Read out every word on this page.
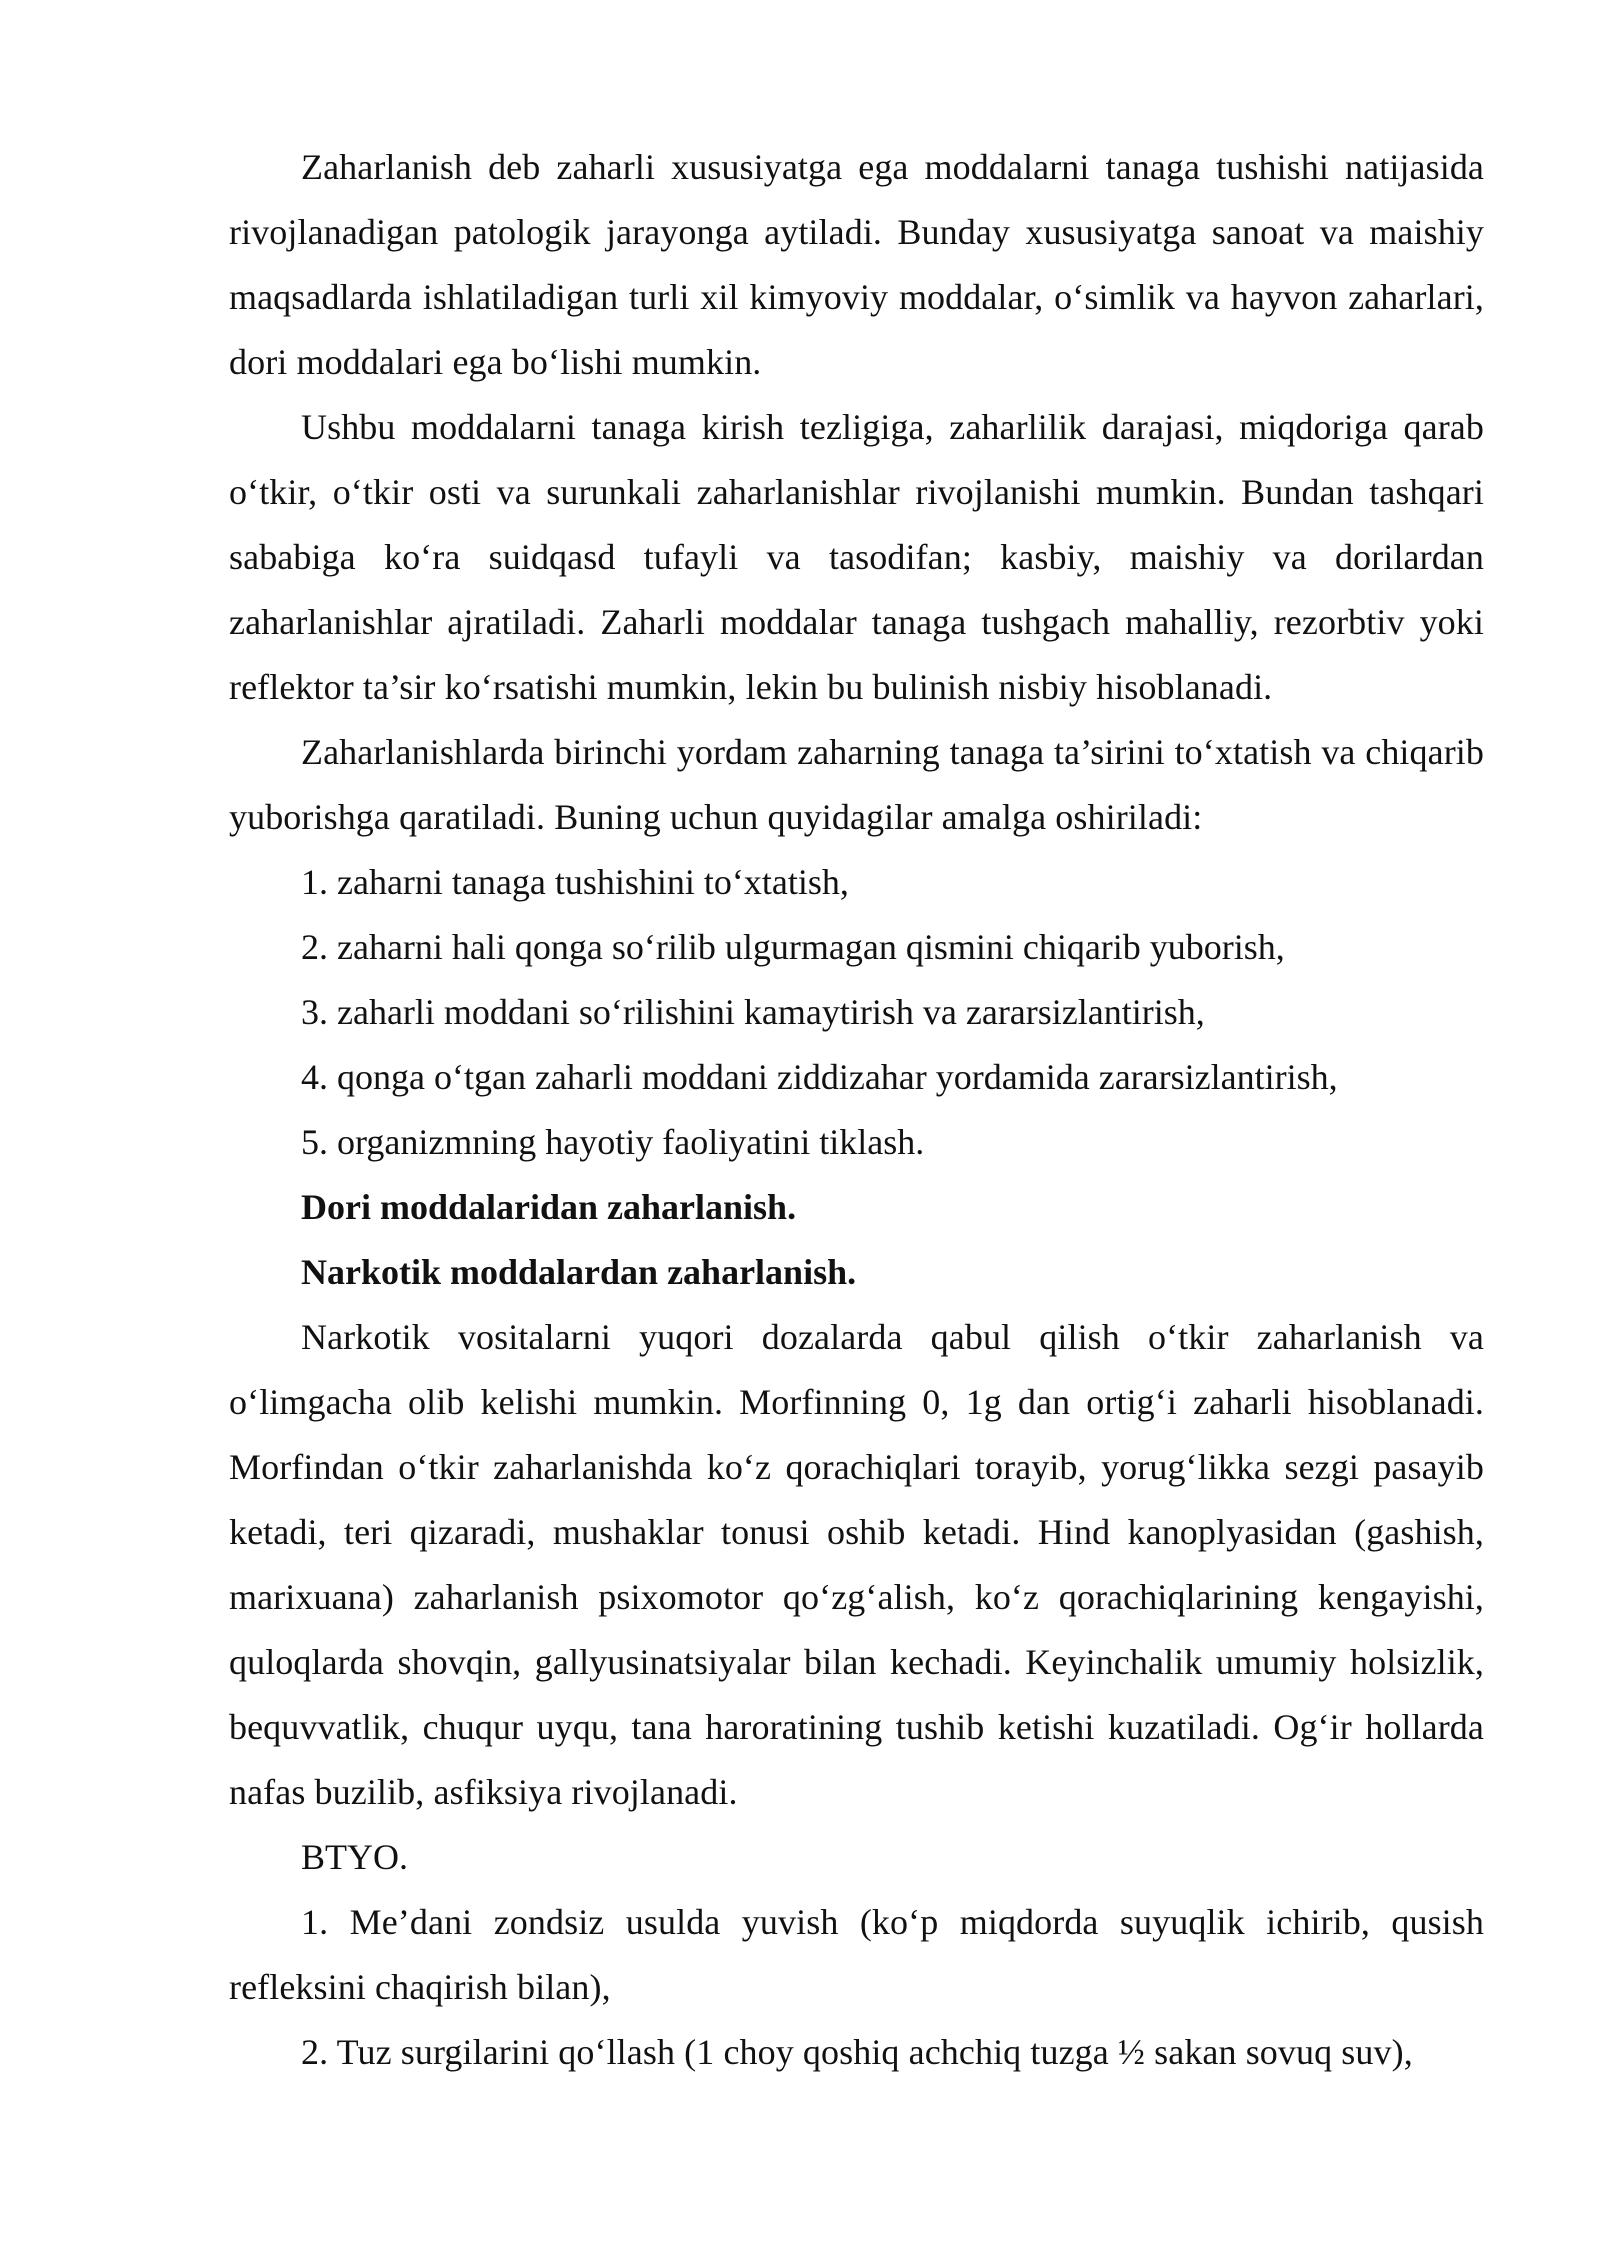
Zaharlanish deb zaharli xususiyatga ega moddalarni tanaga tushishi natijasida rivojlanadigan patologik jarayonga aytiladi. Bunday xususiyatga sanoat va maishiy maqsadlarda ishlatiladigan turli xil kimyoviy moddalar, o‘simlik va hayvon zaharlari, dori moddalari ega bo‘lishi mumkin.

Ushbu moddalarni tanaga kirish tezligiga, zaharlilik darajasi, miqdoriga qarab o‘tkir, o‘tkir osti va surunkali zaharlanishlar rivojlanishi mumkin. Bundan tashqari sababiga ko‘ra suidqasd tufayli va tasodifan; kasbiy, maishiy va dorilardan zaharlanishlar ajratiladi. Zaharli moddalar tanaga tushgach mahalliy, rezorbtiv yoki reflektor ta’sir ko‘rsatishi mumkin, lekin bu bulinish nisbiy hisoblanadi.

Zaharlanishlarda birinchi yordam zaharning tanaga ta’sirini to‘xtatish va chiqarib yuborishga qaratiladi. Buning uchun quyidagilar amalga oshiriladi:

1. zaharni tanaga tushishini to‘xtatish,

2. zaharni hali qonga so‘rilib ulgurmagan qismini chiqarib yuborish,

3. zaharli moddani so‘rilishini kamaytirish va zararsizlantirish,

4. qonga o‘tgan zaharli moddani ziddizahar yordamida zararsizlantirish,

5. organizmning hayotiy faoliyatini tiklash.

Dori moddalaridan zaharlanish.

Narkotik moddalardan zaharlanish.

Narkotik vositalarni yuqori dozalarda qabul qilish o‘tkir zaharlanish va o‘limgacha olib kelishi mumkin. Morfinning 0, 1g dan ortig‘i zaharli hisoblanadi. Morfindan o‘tkir zaharlanishda ko‘z qorachiqlari torayib, yorug‘likka sezgi pasayib ketadi, teri qizaradi, mushaklar tonusi oshib ketadi. Hind kanoplyasidan (gashish, marixuana) zaharlanish psixomotor qo‘zg‘alish, ko‘z qorachiqlarining kengayishi, quloqlarda shovqin, gallyusinatsiyalar bilan kechadi. Keyinchalik umumiy holsizlik, bequvvatlik, chuqur uyqu, tana haroratining tushib ketishi kuzatiladi. Og‘ir hollarda nafas buzilib, asfiksiya rivojlanadi.

BTYO.

1. Me’dani zondsiz usulda yuvish (ko‘p miqdorda suyuqlik ichirib, qusish refleksini chaqirish bilan),

2. Tuz surgilarini qo‘llash (1 choy qoshiq achchiq tuzga ½ sakan sovuq suv),
